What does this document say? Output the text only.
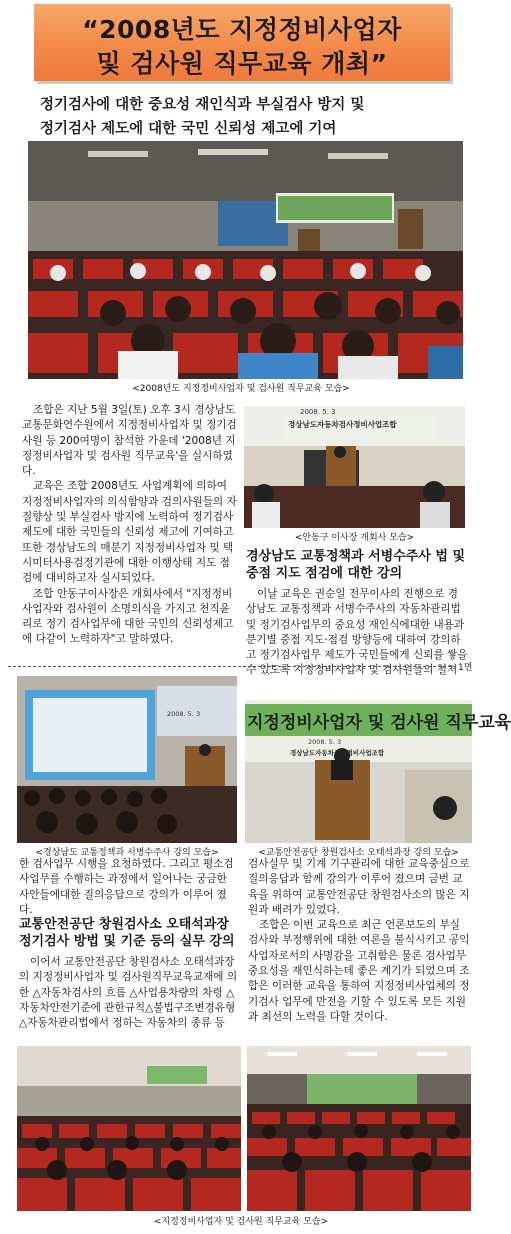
“2008년도 지정정비사업자
및 검사원 직무교육 개최”
정기검사에 대한 중요성 재인식과 부실검사 방지 및
정기검사 제도에 대한 국민 신뢰성 제고에 기여
<2008년도 지정정비사업자 및 검사원 직무교육 모습>

조합은 지난 5월 3일(토) 오후 3시 경상남도교통문화연수원에서 지정정비사업자 및 정기검사원 등 200여명이 참석한 가운데 '2008년 지정정비사업자 및 검사원 직무교육'을 실시하였다.

교육은 조합 2008년도 사업계획에 의하여 지정정비사업자의 의식함양과 검의사원들의 자질향상 및 부실검사 방지에 노력하여 정기검사 제도에 대한 국민들의 신뢰성 제고에 기여하고 또한 경상남도의 매분기 지정정비사업자 및 택시미터사용검정기관에 대한 이행상태 지도 점검에 대비하고자 실시되었다.

조합 안동구이사장은 개회사에서 "지정정비사업자와 검사원이 소명의식을 가지고 천직윤리로 정기 검사업무에 대한 국민의 신뢰성제고에 다같이 노력하자"고 말하였다.

2008. 5. 3
경상남도자동차검사정비사업조합
<안동구 이사장 개회사 모습>
경상남도 교통정책과 서병수주사 법 및 중점 지도 점검에 대한 강의

이날 교육은 권순일 전무이사의 진행으로 경상남도 교통정책과 서병수주사의 자동차관리법 및 정기검사업무의 중요성 재인식에대한 내용과 분기별 중점 지도·점검 방향등에 대하여 강의하고 정기검사업무 제도가 국민들에게 신뢰를 쌓을 수 있도록 지정정비사업자 및 검사원들의 철저 1면
2008. 5. 3
<경상남도 교통정책과 서병수주사 강의 모습>
지정정비사업자 및 검사원 직무교육
2008. 5. 3
경상남도자동차검사정비사업조합
<교통안전공단 창원검사소 오태석과장 강의 모습>

한 검사업무 시행을 요청하였다. 그리고 평소검사업무를 수행하는 과정에서 일어나는 궁금한 사안들에대한 질의응답으로 강의가 이루어 졌다.

교통안전공단 창원검사소 오태석과장 정기검사 방법 및 기준 등의 실무 강의

이어서 교통안전공단 창원검사소 오태석과장의 지정정비사업자 및 검사원직무교육교재에 의한 △자동차검사의 흐름 △사업용차량의 차령 △자동차안전기준에 관한규칙△불법구조변경유형 △자동차관리법에서 정하는 자동차의 종류 등

검사실무 및 기계 기구관리에 대한 교육중심으로 질의응답과 함께 강의가 이루어 졌으며 금번 교육을 위하여 교통안전공단 창원검사소의 많은 지원과 배려가 있었다.

조합은 이번 교육으로 최근 언론보도의 부실검사와 부정행위에 대한 여론을 불식시키고 공익사업자로서의 사명감을 고취함은 물론 검사업무 중요성을 재인식하는데 좋은 계기가 되었으며 조합은 이러한 교육을 통하여 지정정비사업체의 정기검사 업무에 만전을 기할 수 있도록 모든 지원과 최선의 노력을 다할 것이다.

<지정정비사업자 및 검사원 직무교육 모습>
